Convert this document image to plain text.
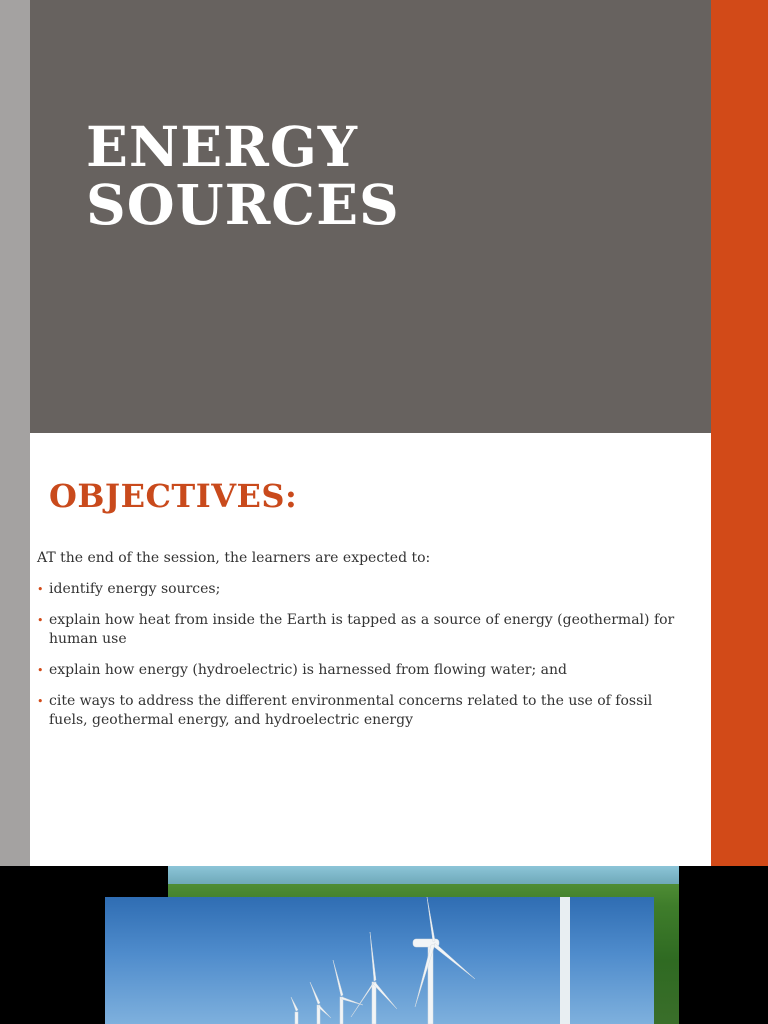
ENERGY
SOURCES
OBJECTIVES:

AT the end of the session, the learners are expected to:

• identify energy sources;
• explain how heat from inside the Earth is tapped as a source of energy (geothermal) for human use
• explain how energy (hydroelectric) is harnessed from flowing water; and
• cite ways to address the different environmental concerns related to the use of fossil fuels, geothermal energy, and hydroelectric energy
